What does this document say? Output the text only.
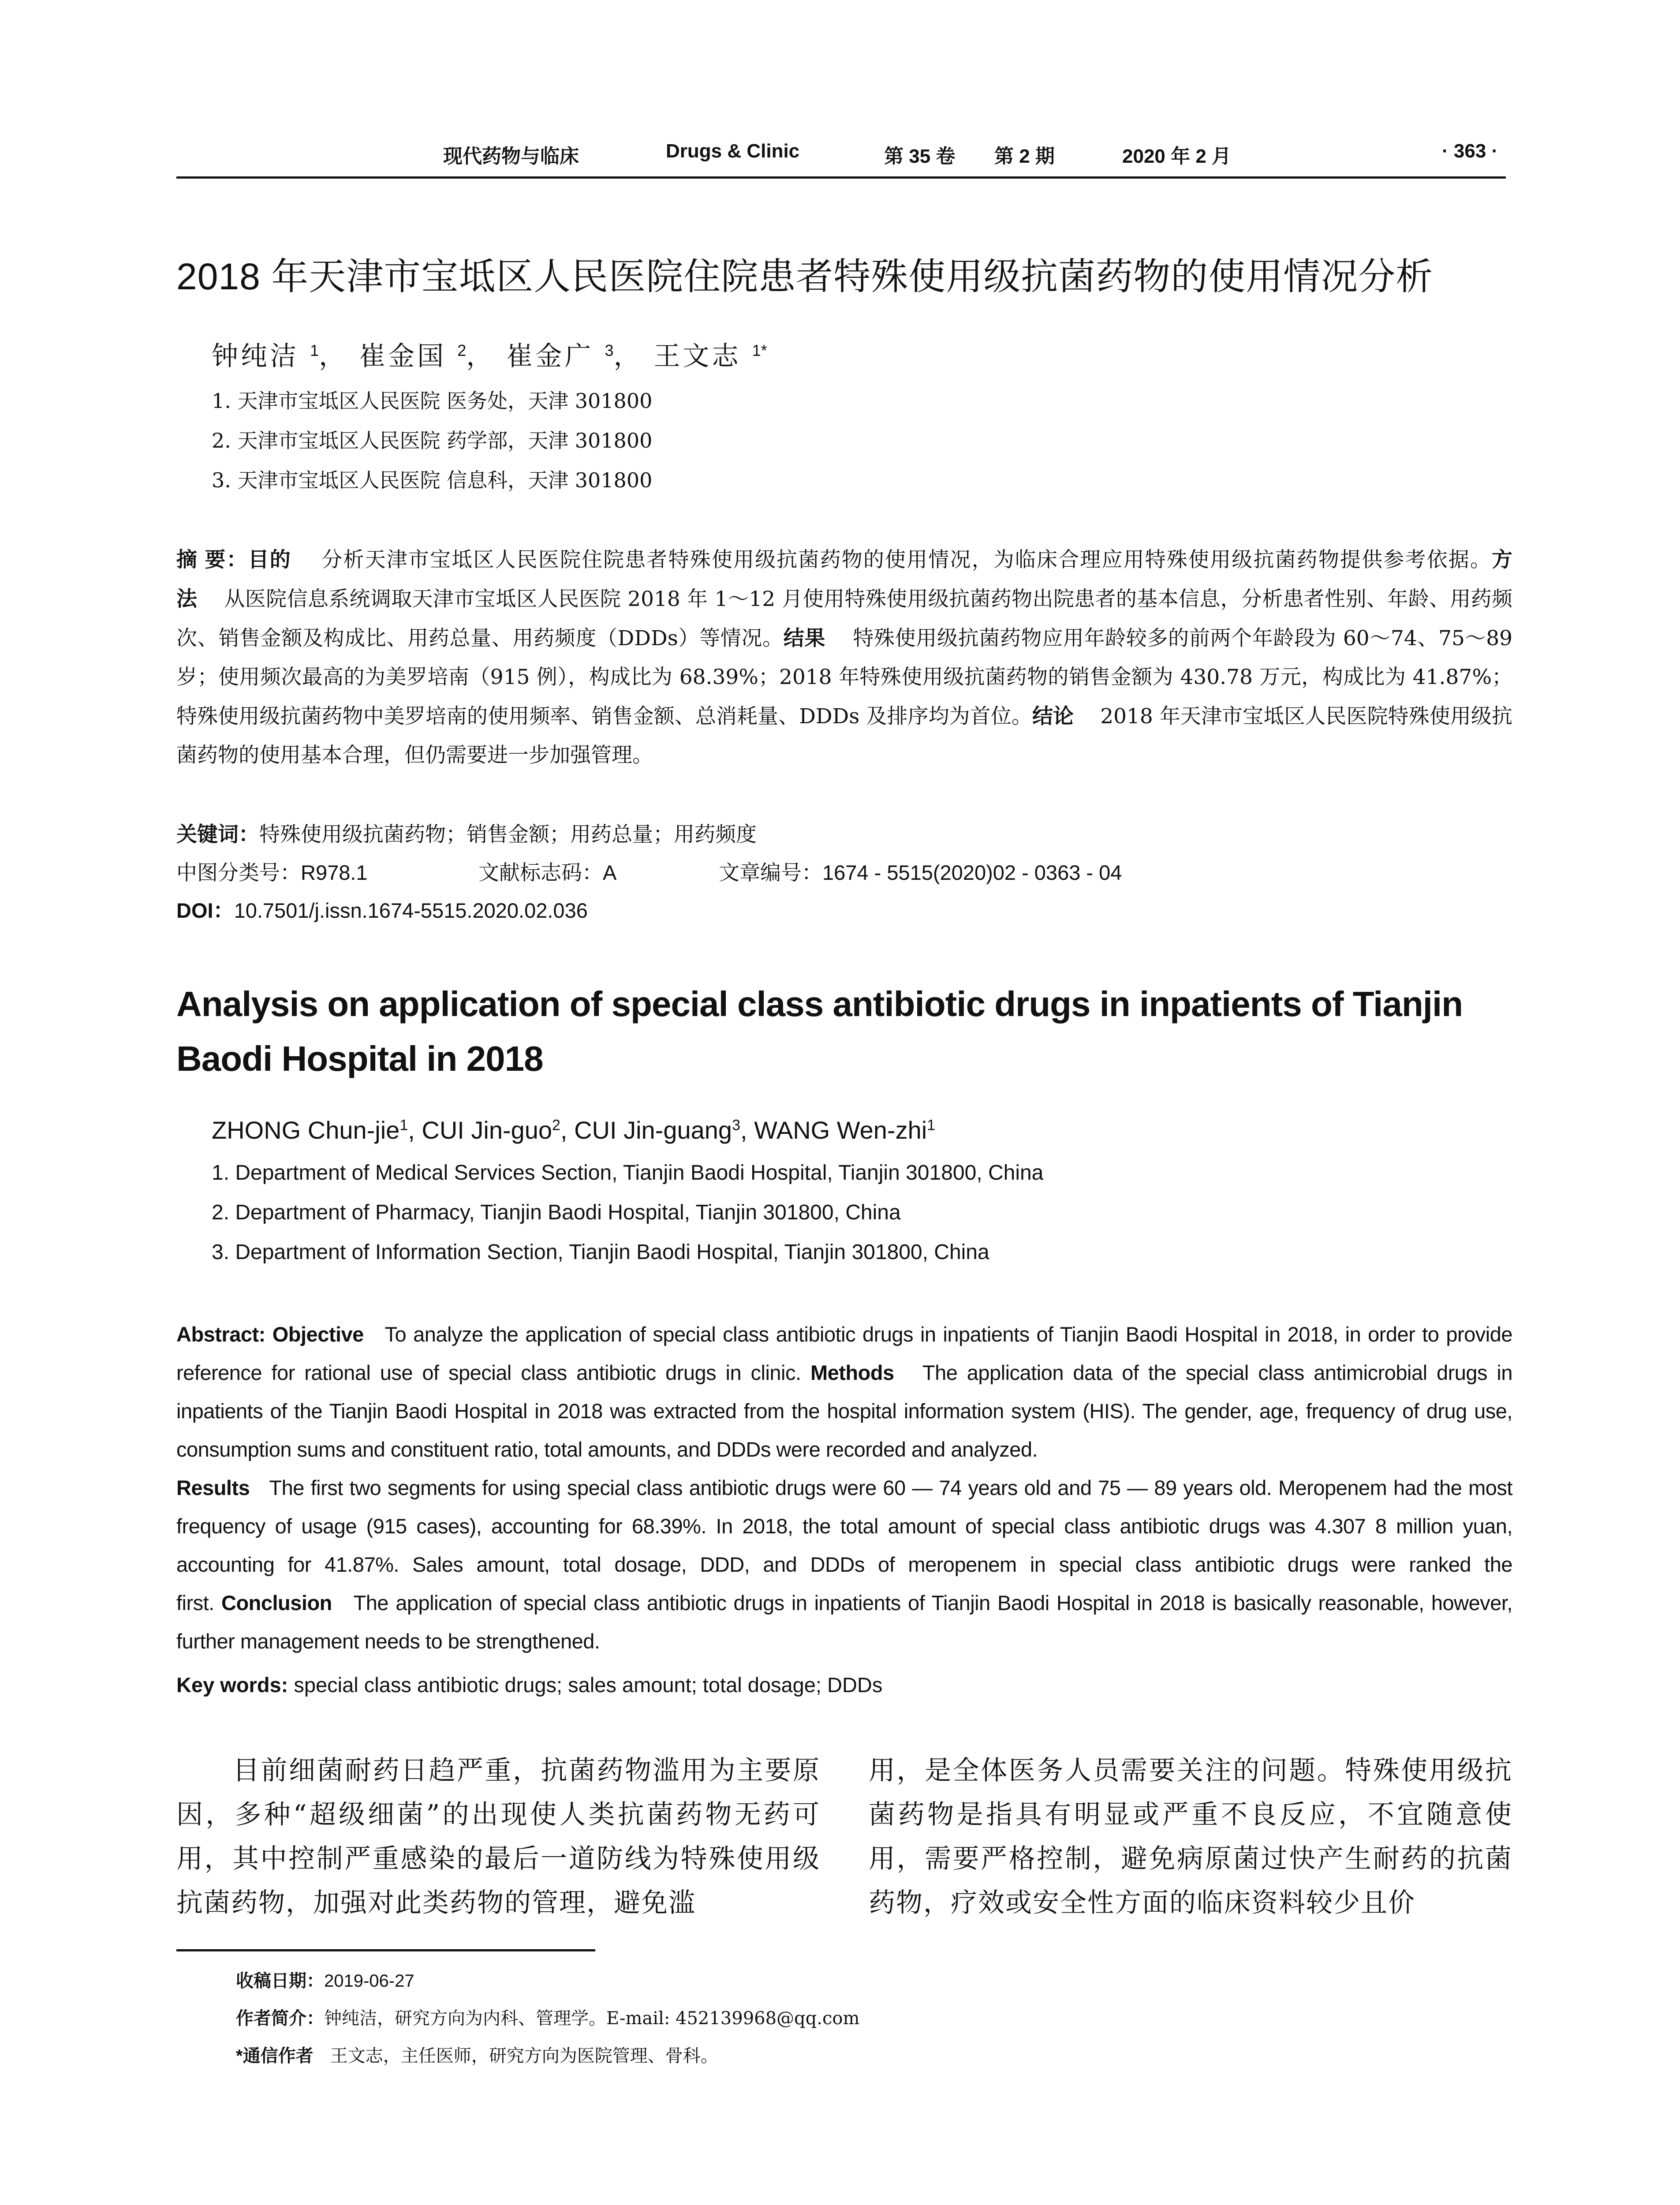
现代药物与临床	Drugs & Clinic	第 35 卷 第 2 期	2020 年 2 月	· 363 ·
2018 年天津市宝坻区人民医院住院患者特殊使用级抗菌药物的使用情况分析
钟纯洁 $^1$， 崔金国 $^2$， 崔金广 $^3$， 王文志 $^{1*}$
1. 天津市宝坻区人民医院 医务处，天津 301800
2. 天津市宝坻区人民医院 药学部，天津 301800
3. 天津市宝坻区人民医院 信息科，天津 301800
摘 要：目的 分析天津市宝坻区人民医院住院患者特殊使用级抗菌药物的使用情况，为临床合理应用特殊使用级抗菌药物提供参考依据。方法 从医院信息系统调取天津市宝坻区人民医院 2018 年 1～12 月使用特殊使用级抗菌药物出院患者的基本信息，分析患者性别、年龄、用药频次、销售金额及构成比、用药总量、用药频度（DDDs）等情况。结果 特殊使用级抗菌药物应用年龄较多的前两个年龄段为 60～74、75～89 岁；使用频次最高的为美罗培南（915 例），构成比为 68.39%；2018 年特殊使用级抗菌药物的销售金额为 430.78 万元，构成比为 41.87%；特殊使用级抗菌药物中美罗培南的使用频率、销售金额、总消耗量、DDDs 及排序均为首位。结论 2018 年天津市宝坻区人民医院特殊使用级抗菌药物的使用基本合理，但仍需要进一步加强管理。
关键词：特殊使用级抗菌药物；销售金额；用药总量；用药频度
中图分类号：R978.1	文献标志码：A	文章编号：1674 - 5515(2020)02 - 0363 - 04
DOI：10.7501/j.issn.1674-5515.2020.02.036
Analysis on application of special class antibiotic drugs in inpatients of Tianjin Baodi Hospital in 2018
ZHONG Chun-jie$^1$, CUI Jin-guo$^2$, CUI Jin-guang$^3$, WANG Wen-zhi$^1$
1. Department of Medical Services Section, Tianjin Baodi Hospital, Tianjin 301800, China
2. Department of Pharmacy, Tianjin Baodi Hospital, Tianjin 301800, China
3. Department of Information Section, Tianjin Baodi Hospital, Tianjin 301800, China
Abstract: Objective To analyze the application of special class antibiotic drugs in inpatients of Tianjin Baodi Hospital in 2018, in order to provide reference for rational use of special class antibiotic drugs in clinic. Methods The application data of the special class antimicrobial drugs in inpatients of the Tianjin Baodi Hospital in 2018 was extracted from the hospital information system (HIS). The gender, age, frequency of drug use, consumption sums and constituent ratio, total amounts, and DDDs were recorded and analyzed.
Results The first two segments for using special class antibiotic drugs were 60 — 74 years old and 75 — 89 years old. Meropenem had the most frequency of usage (915 cases), accounting for 68.39%. In 2018, the total amount of special class antibiotic drugs was 4.307 8 million yuan, accounting for 41.87%. Sales amount, total dosage, DDD, and DDDs of meropenem in special class antibiotic drugs were ranked the first. Conclusion The application of special class antibiotic drugs in inpatients of Tianjin Baodi Hospital in 2018 is basically reasonable, however, further management needs to be strengthened.
Key words: special class antibiotic drugs; sales amount; total dosage; DDDs
目前细菌耐药日趋严重，抗菌药物滥用为主要原因，多种“超级细菌”的出现使人类抗菌药物无药可用，其中控制严重感染的最后一道防线为特殊使用级抗菌药物，加强对此类药物的管理，避免滥
用，是全体医务人员需要关注的问题。特殊使用级抗菌药物是指具有明显或严重不良反应，不宜随意使用，需要严格控制，避免病原菌过快产生耐药的抗菌药物，疗效或安全性方面的临床资料较少且价
收稿日期：2019-06-27
作者简介：钟纯洁，研究方向为内科、管理学。E-mail: 452139968@qq.com
*通信作者 王文志，主任医师，研究方向为医院管理、骨科。
